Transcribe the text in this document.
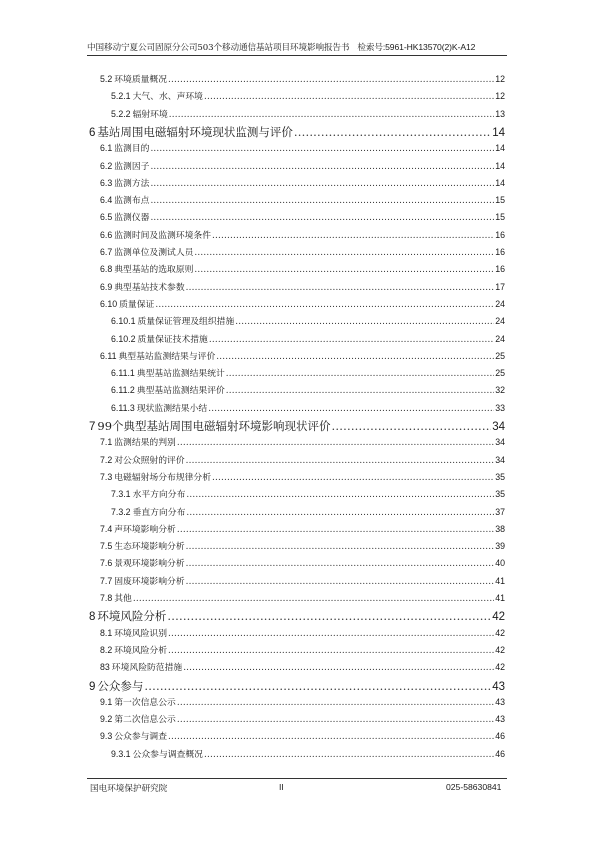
中国移动宁夏公司固原分公司503个移动通信基站项目环境影响报告书 检索号:5961-HK13570(2)K-A12
5.2 环境质量概况 .....	12
5.2.1 大气、水、声环境 .....	12
5.2.2 辐射环境 .....	13
6 基站周围电磁辐射环境现状监测与评价 .....	14
6.1 监测目的 .....	14
6.2 监测因子 .....	14
6.3 监测方法 .....	14
6.4 监测布点 .....	15
6.5 监测仪器 .....	15
6.6 监测时间及监测环境条件 .....	16
6.7 监测单位及测试人员 .....	16
6.8 典型基站的选取原则 .....	16
6.9 典型基站技术参数 .....	17
6.10 质量保证 .....	24
6.10.1 质量保证管理及组织措施 .....	24
6.10.2 质量保证技术措施 .....	24
6.11 典型基站监测结果与评价 .....	25
6.11.1 典型基站监测结果统计 .....	25
6.11.2 典型基站监测结果评价 .....	32
6.11.3 现状监测结果小结 .....	33
7 99个典型基站周围电磁辐射环境影响现状评价 .....	34
7.1 监测结果的判别 .....	34
7.2 对公众照射的评价 .....	34
7.3 电磁辐射场分布规律分析 .....	35
7.3.1 水平方向分布 .....	35
7.3.2 垂直方向分布 .....	37
7.4 声环境影响分析 .....	38
7.5 生态环境影响分析 .....	39
7.6 景观环境影响分析 .....	40
7.7 固废环境影响分析 .....	41
7.8 其他 .....	41
8 环境风险分析 .....	42
8.1 环境风险识别 .....	42
8.2 环境风险分析 .....	42
83 环境风险防范措施 .....	42
9 公众参与 .....	43
9.1 第一次信息公示 .....	43
9.2 第二次信息公示 .....	43
9.3 公众参与调查 .....	46
9.3.1 公众参与调查概况 .....	46
国电环境保护研究院	II	025-58630841
